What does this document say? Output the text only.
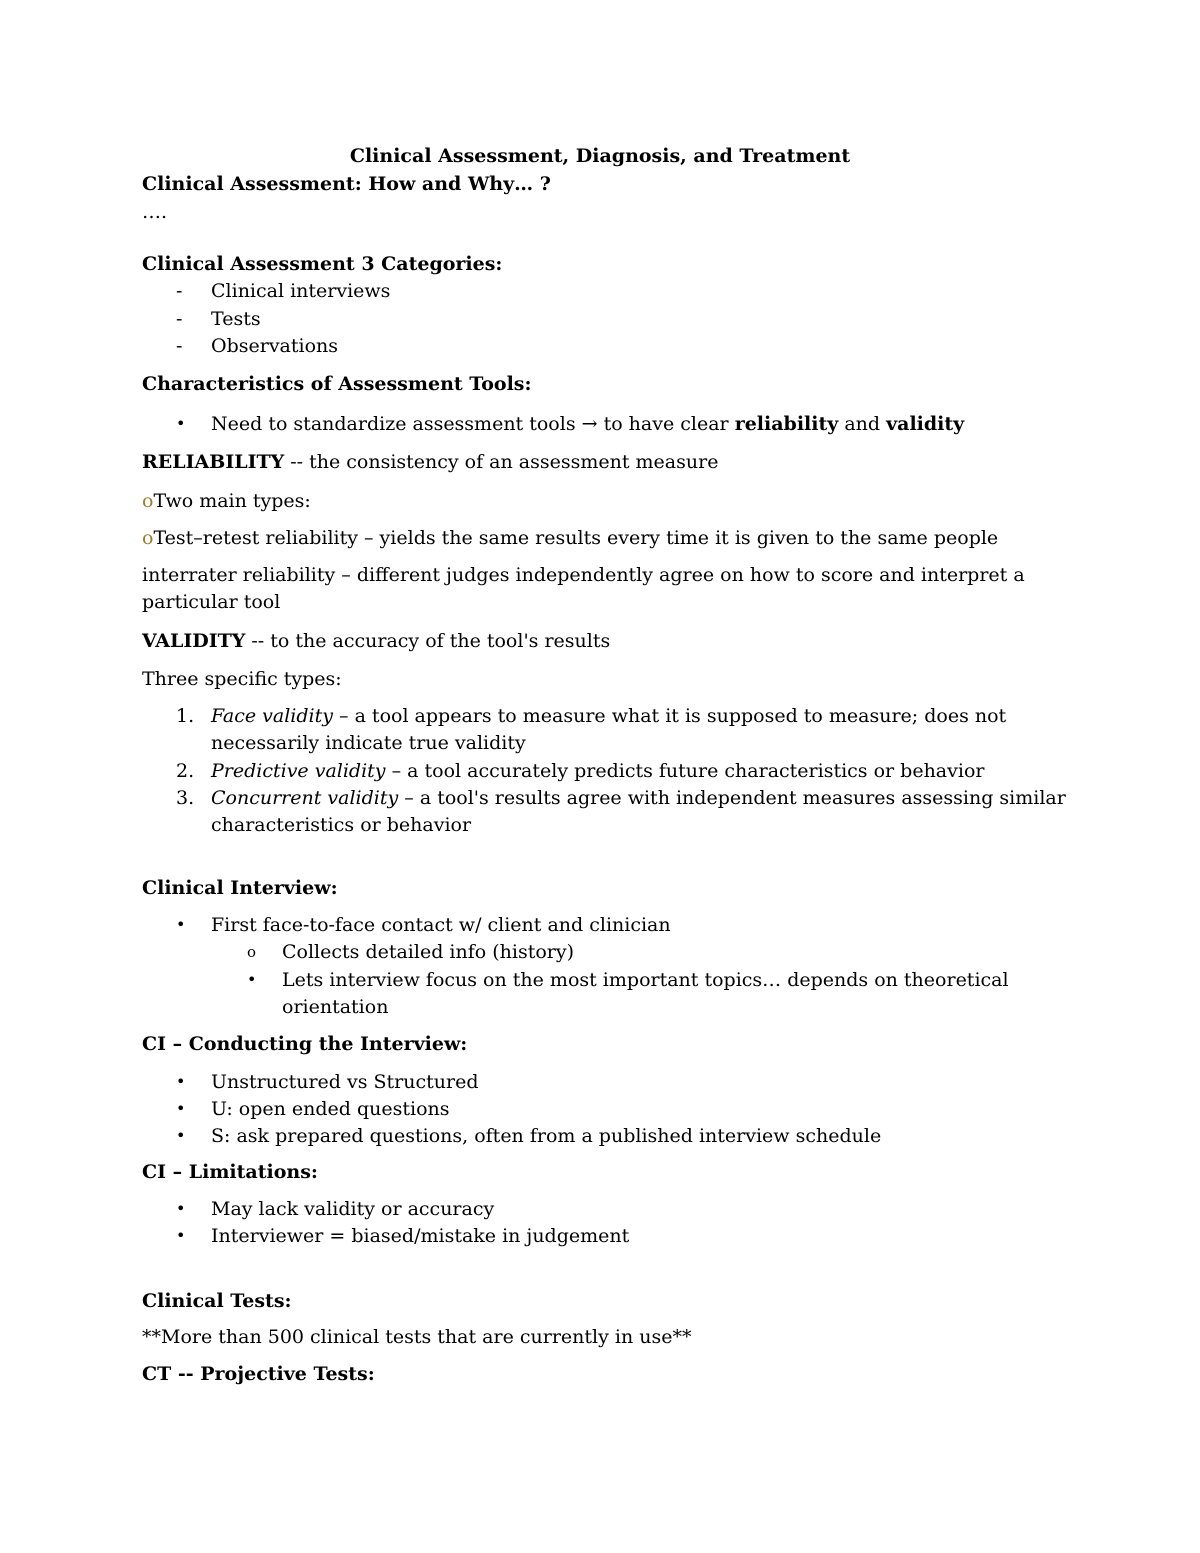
Clinical Assessment, Diagnosis, and Treatment
Clinical Assessment: How and Why… ?
….
Clinical Assessment 3 Categories:
- Clinical interviews
- Tests
- Observations
Characteristics of Assessment Tools:
• Need to standardize assessment tools → to have clear reliability and validity
RELIABILITY -- the consistency of an assessment measure
oTwo main types:
oTest–retest reliability – yields the same results every time it is given to the same people
interrater reliability – different judges independently agree on how to score and interpret a
particular tool
VALIDITY -- to the accuracy of the tool's results
Three specific types:
1. Face validity – a tool appears to measure what it is supposed to measure; does not
necessarily indicate true validity
2. Predictive validity – a tool accurately predicts future characteristics or behavior
3. Concurrent validity – a tool's results agree with independent measures assessing similar
characteristics or behavior
Clinical Interview:
• First face-to-face contact w/ client and clinician
o Collects detailed info (history)
• Lets interview focus on the most important topics… depends on theoretical
orientation
CI – Conducting the Interview:
• Unstructured vs Structured
• U: open ended questions
• S: ask prepared questions, often from a published interview schedule
CI – Limitations:
• May lack validity or accuracy
• Interviewer = biased/mistake in judgement
Clinical Tests:
**More than 500 clinical tests that are currently in use**
CT -- Projective Tests:
